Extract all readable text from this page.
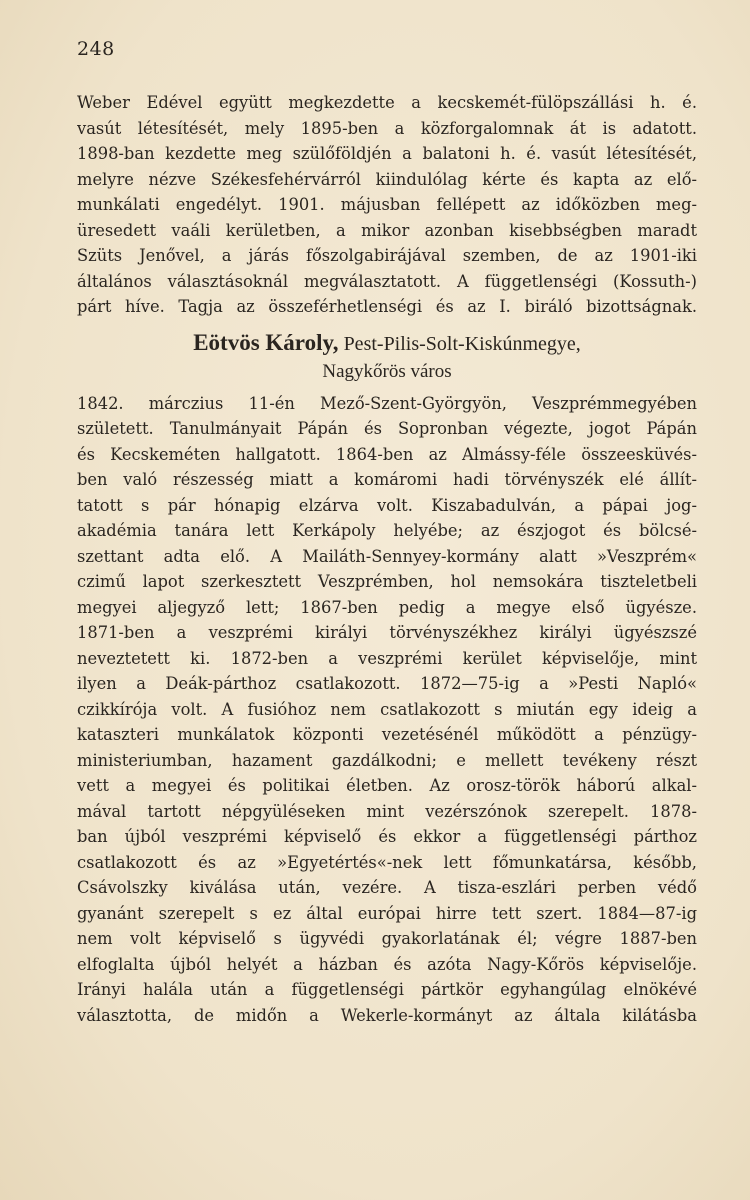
248
Weber Edével együtt megkezdette a kecskemét-fülöpszállási h. é.
vasút létesítését, mely 1895-ben a közforgalomnak át is adatott.
1898-ban kezdette meg szülőföldjén a balatoni h. é. vasút létesítését,
melyre nézve Székesfehérvárról kiindulólag kérte és kapta az elő-
munkálati engedélyt. 1901. májusban fellépett az időközben meg-
üresedett vaáli kerületben, a mikor azonban kisebbségben maradt
Szüts Jenővel, a járás főszolgabirájával szemben, de az 1901-iki
általános választásoknál megválasztatott. A függetlenségi (Kossuth-)
párt híve. Tagja az összeférhetlenségi és az I. biráló bizottságnak.
Eötvös Károly, Pest-Pilis-Solt-Kiskúnmegye,
Nagykőrös város
1842. márczius 11-én Mező-Szent-Györgyön, Veszprémmegyében
született. Tanulmányait Pápán és Sopronban végezte, jogot Pápán
és Kecskeméten hallgatott. 1864-ben az Almássy-féle összeesküvés-
ben való részesség miatt a komáromi hadi törvényszék elé állít-
tatott s pár hónapig elzárva volt. Kiszabadulván, a pápai jog-
akadémia tanára lett Kerkápoly helyébe; az észjogot és bölcsé-
szettant adta elő. A Mailáth-Sennyey-kormány alatt »Veszprém«
czimű lapot szerkesztett Veszprémben, hol nemsokára tiszteletbeli
megyei aljegyző lett; 1867-ben pedig a megye első ügyésze.
1871-ben a veszprémi királyi törvényszékhez királyi ügyészszé
neveztetett ki. 1872-ben a veszprémi kerület képviselője, mint
ilyen a Deák-párthoz csatlakozott. 1872—75-ig a »Pesti Napló«
czikkírója volt. A fusióhoz nem csatlakozott s miután egy ideig a
kataszteri munkálatok központi vezetésénél működött a pénzügy-
ministeriumban, hazament gazdálkodni; e mellett tevékeny részt
vett a megyei és politikai életben. Az orosz-török háború alkal-
mával tartott népgyüléseken mint vezérszónok szerepelt. 1878-
ban újból veszprémi képviselő és ekkor a függetlenségi párthoz
csatlakozott és az »Egyetértés«-nek lett főmunkatársa, később,
Csávolszky kiválása után, vezére. A tisza-eszlári perben védő
gyanánt szerepelt s ez által európai hirre tett szert. 1884—87-ig
nem volt képviselő s ügyvédi gyakorlatának él; végre 1887-ben
elfoglalta újból helyét a házban és azóta Nagy-Kőrös képviselője.
Irányi halála után a függetlenségi pártkör egyhangúlag elnökévé
választotta, de midőn a Wekerle-kormányt az általa kilátásba
